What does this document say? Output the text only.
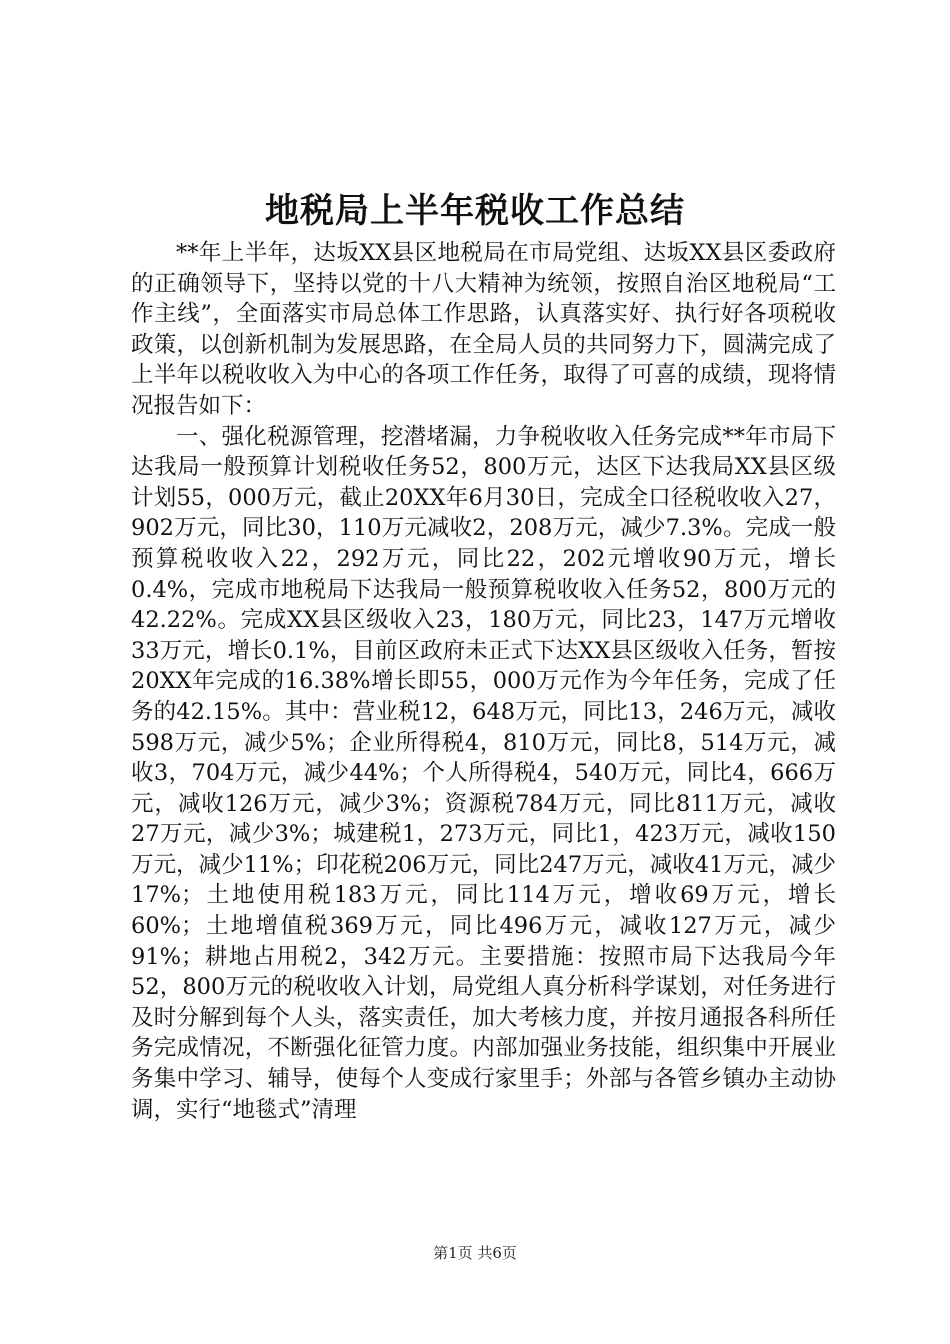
地税局上半年税收工作总结
**年上半年，达坂XX县区地税局在市局党组、达坂XX县区委政府的正确领导下，坚持以党的十八大精神为统领，按照自治区地税局“工作主线”，全面落实市局总体工作思路，认真落实好、执行好各项税收政策，以创新机制为发展思路，在全局人员的共同努力下，圆满完成了上半年以税收收入为中心的各项工作任务，取得了可喜的成绩，现将情况报告如下：
一、强化税源管理，挖潜堵漏，力争税收收入任务完成**年市局下达我局一般预算计划税收任务52，800万元，达区下达我局XX县区级计划55，000万元，截止20XX年6月30日，完成全口径税收收入27，902万元，同比30，110万元减收2，208万元，减少7.3%。完成一般预算税收收入22，292万元，同比22，202元增收90万元，增长0.4%，完成市地税局下达我局一般预算税收收入任务52，800万元的42.22%。完成XX县区级收入23，180万元，同比23，147万元增收33万元，增长0.1%，目前区政府未正式下达XX县区级收入任务，暂按20XX年完成的16.38%增长即55，000万元作为今年任务，完成了任务的42.15%。其中：营业税12，648万元，同比13，246万元，减收598万元，减少5%；企业所得税4，810万元，同比8，514万元，减收3，704万元，减少44%；个人所得税4，540万元，同比4，666万元，减收126万元，减少3%；资源税784万元，同比811万元，减收27万元，减少3%；城建税1，273万元，同比1，423万元，减收150万元，减少11%；印花税206万元，同比247万元，减收41万元，减少17%；土地使用税183万元，同比114万元，增收69万元，增长60%；土地增值税369万元，同比496万元，减收127万元，减少91%；耕地占用税2，342万元。主要措施：按照市局下达我局今年52，800万元的税收收入计划，局党组人真分析科学谋划，对任务进行及时分解到每个人头，落实责任，加大考核力度，并按月通报各科所任务完成情况，不断强化征管力度。内部加强业务技能，组织集中开展业务集中学习、辅导，使每个人变成行家里手；外部与各管乡镇办主动协调，实行“地毯式”清理
第1页 共6页
